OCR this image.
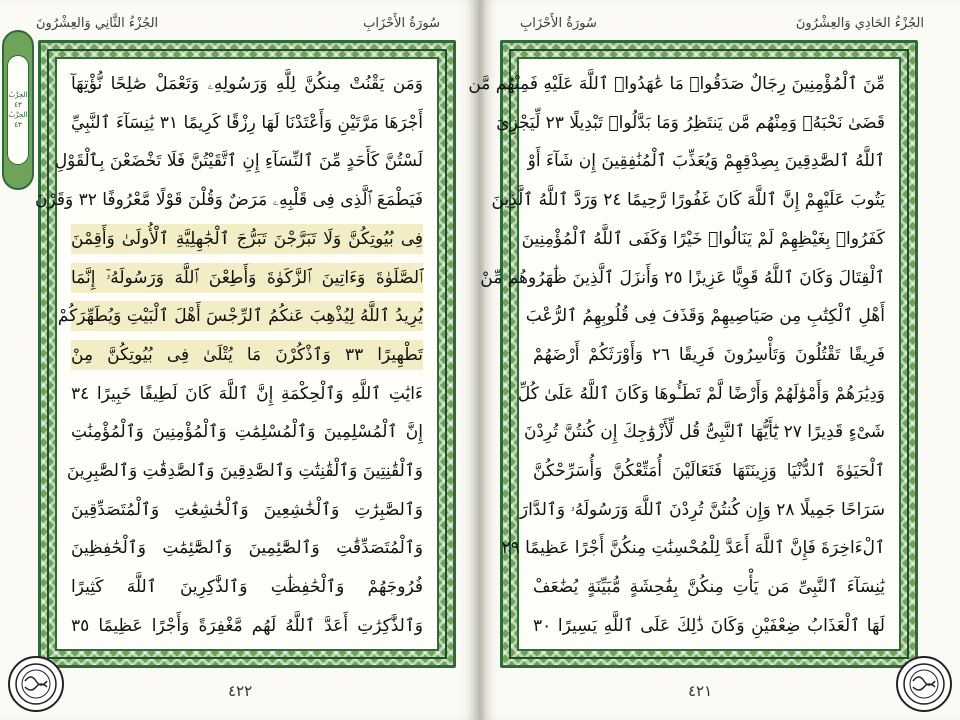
سُورَةُ الأَحْزَابِ
الجُزْءُ الثَّانِي وَالعِشْرُونَ
الحِزْبُ ٤٣
الحِزْبُ ٤٣
وَمَن يَقْنُتْ مِنكُنَّ لِلَّهِ وَرَسُولِهِۦ وَتَعْمَلْ صَٰلِحًا نُّؤْتِهَآ
أَجْرَهَا مَرَّتَيْنِ وَأَعْتَدْنَا لَهَا رِزْقًا كَرِيمًا ٣١ يَٰنِسَآءَ ٱلنَّبِيِّ
لَسْتُنَّ كَأَحَدٍ مِّنَ ٱلنِّسَآءِ إِنِ ٱتَّقَيْتُنَّ فَلَا تَخْضَعْنَ بِٱلْقَوْلِ
فَيَطْمَعَ ٱلَّذِى فِى قَلْبِهِۦ مَرَضٌ وَقُلْنَ قَوْلًا مَّعْرُوفًا ٣٢ وَقَرْنَ
فِى بُيُوتِكُنَّ وَلَا تَبَرَّجْنَ تَبَرُّجَ ٱلْجَٰهِلِيَّةِ ٱلْأُولَىٰ وَأَقِمْنَ
ٱلصَّلَوٰةَ وَءَاتِينَ ٱلزَّكَوٰةَ وَأَطِعْنَ ٱللَّهَ وَرَسُولَهُۥٓ إِنَّمَا
يُرِيدُ ٱللَّهُ لِيُذْهِبَ عَنكُمُ ٱلرِّجْسَ أَهْلَ ٱلْبَيْتِ وَيُطَهِّرَكُمْ
تَطْهِيرًا ٣٣ وَٱذْكُرْنَ مَا يُتْلَىٰ فِى بُيُوتِكُنَّ مِنْ
ءَايَٰتِ ٱللَّهِ وَٱلْحِكْمَةِ إِنَّ ٱللَّهَ كَانَ لَطِيفًا خَبِيرًا ٣٤
إِنَّ ٱلْمُسْلِمِينَ وَٱلْمُسْلِمَٰتِ وَٱلْمُؤْمِنِينَ وَٱلْمُؤْمِنَٰتِ
وَٱلْقَٰنِتِينَ وَٱلْقَٰنِتَٰتِ وَٱلصَّٰدِقِينَ وَٱلصَّٰدِقَٰتِ وَٱلصَّٰبِرِينَ
وَٱلصَّٰبِرَٰتِ وَٱلْخَٰشِعِينَ وَٱلْخَٰشِعَٰتِ وَٱلْمُتَصَدِّقِينَ
وَٱلْمُتَصَدِّقَٰتِ وَٱلصَّٰٓئِمِينَ وَٱلصَّٰٓئِمَٰتِ وَٱلْحَٰفِظِينَ
فُرُوجَهُمْ وَٱلْحَٰفِظَٰتِ وَٱلذَّٰكِرِينَ ٱللَّهَ كَثِيرًا
وَٱلذَّٰكِرَٰتِ أَعَدَّ ٱللَّهُ لَهُم مَّغْفِرَةً وَأَجْرًا عَظِيمًا ٣٥
٤٢٢
الجُزْءُ الحَادِي وَالعِشْرُونَ
سُورَةُ الأَحْزَابِ
مِّنَ ٱلْمُؤْمِنِينَ رِجَالٌ صَدَقُوا۟ مَا عَٰهَدُوا۟ ٱللَّهَ عَلَيْهِ فَمِنْهُم مَّن
قَضَىٰ نَحْبَهُۥ وَمِنْهُم مَّن يَنتَظِرُ وَمَا بَدَّلُوا۟ تَبْدِيلًا ٢٣ لِّيَجْزِىَ
ٱللَّهُ ٱلصَّٰدِقِينَ بِصِدْقِهِمْ وَيُعَذِّبَ ٱلْمُنَٰفِقِينَ إِن شَآءَ أَوْ
يَتُوبَ عَلَيْهِمْ إِنَّ ٱللَّهَ كَانَ غَفُورًا رَّحِيمًا ٢٤ وَرَدَّ ٱللَّهُ ٱلَّذِينَ
كَفَرُوا۟ بِغَيْظِهِمْ لَمْ يَنَالُوا۟ خَيْرًا وَكَفَى ٱللَّهُ ٱلْمُؤْمِنِينَ
ٱلْقِتَالَ وَكَانَ ٱللَّهُ قَوِيًّا عَزِيزًا ٢٥ وَأَنزَلَ ٱلَّذِينَ ظَٰهَرُوهُم مِّنْ
أَهْلِ ٱلْكِتَٰبِ مِن صَيَاصِيهِمْ وَقَذَفَ فِى قُلُوبِهِمُ ٱلرُّعْبَ
فَرِيقًا تَقْتُلُونَ وَتَأْسِرُونَ فَرِيقًا ٢٦ وَأَوْرَثَكُمْ أَرْضَهُمْ
وَدِيَٰرَهُمْ وَأَمْوَٰلَهُمْ وَأَرْضًا لَّمْ تَطَـُٔوهَا وَكَانَ ٱللَّهُ عَلَىٰ كُلِّ
شَىْءٍ قَدِيرًا ٢٧ يَٰٓأَيُّهَا ٱلنَّبِىُّ قُل لِّأَزْوَٰجِكَ إِن كُنتُنَّ تُرِدْنَ
ٱلْحَيَوٰةَ ٱلدُّنْيَا وَزِينَتَهَا فَتَعَالَيْنَ أُمَتِّعْكُنَّ وَأُسَرِّحْكُنَّ
سَرَاحًا جَمِيلًا ٢٨ وَإِن كُنتُنَّ تُرِدْنَ ٱللَّهَ وَرَسُولَهُۥ وَٱلدَّارَ
ٱلْءَاخِرَةَ فَإِنَّ ٱللَّهَ أَعَدَّ لِلْمُحْسِنَٰتِ مِنكُنَّ أَجْرًا عَظِيمًا ٢٩
يَٰنِسَآءَ ٱلنَّبِىِّ مَن يَأْتِ مِنكُنَّ بِفَٰحِشَةٍ مُّبَيِّنَةٍ يُضَٰعَفْ
لَهَا ٱلْعَذَابُ ضِعْفَيْنِ وَكَانَ ذَٰلِكَ عَلَى ٱللَّهِ يَسِيرًا ٣٠
٤٢١
